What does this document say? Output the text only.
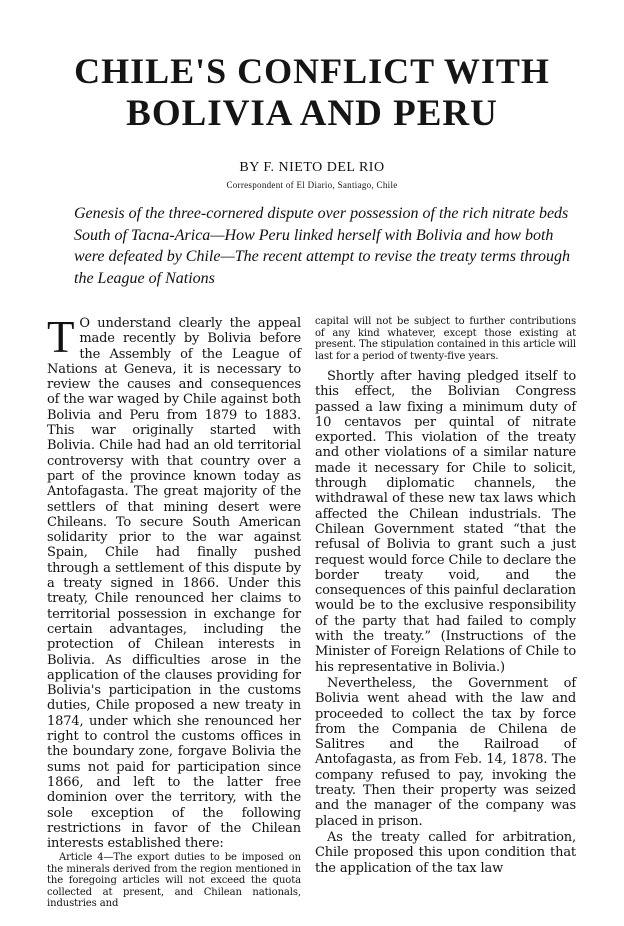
CHILE'S CONFLICT WITH
BOLIVIA AND PERU
BY F. NIETO DEL RIO
Correspondent of El Diario, Santiago, Chile
Genesis of the three-cornered dispute over possession of the rich nitrate beds South of Tacna-Arica—How Peru linked herself with Bolivia and how both were defeated by Chile—The recent attempt to revise the treaty terms through the League of Nations

T O understand clearly the appeal made recently by Bolivia before the Assembly of the League of Nations at Geneva, it is necessary to review the causes and consequences of the war waged by Chile against both Bolivia and Peru from 1879 to 1883. This war originally started with Bolivia. Chile had had an old territorial controversy with that country over a part of the province known today as Antofagasta. The great majority of the settlers of that mining desert were Chileans. To secure South American solidarity prior to the war against Spain, Chile had finally pushed through a settlement of this dispute by a treaty signed in 1866. Under this treaty, Chile renounced her claims to territorial possession in exchange for certain advantages, including the protection of Chilean interests in Bolivia. As difficulties arose in the application of the clauses providing for Bolivia's participation in the customs duties, Chile proposed a new treaty in 1874, under which she renounced her right to control the customs offices in the boundary zone, forgave Bolivia the sums not paid for participation since 1866, and left to the latter free dominion over the territory, with the sole exception of the following restrictions in favor of the Chilean interests established there:

Article 4—The export duties to be imposed on the minerals derived from the region mentioned in the foregoing articles will not exceed the quota collected at present, and Chilean nationals, industries and

capital will not be subject to further contributions of any kind whatever, except those existing at present. The stipulation contained in this article will last for a period of twenty-five years.

Shortly after having pledged itself to this effect, the Bolivian Congress passed a law fixing a minimum duty of 10 centavos per quintal of nitrate exported. This violation of the treaty and other violations of a similar nature made it necessary for Chile to solicit, through diplomatic channels, the withdrawal of these new tax laws which affected the Chilean industrials. The Chilean Government stated “that the refusal of Bolivia to grant such a just request would force Chile to declare the border treaty void, and the consequences of this painful declaration would be to the exclusive responsibility of the party that had failed to comply with the treaty.” (Instructions of the Minister of Foreign Relations of Chile to his representative in Bolivia.)

Nevertheless, the Government of Bolivia went ahead with the law and proceeded to collect the tax by force from the Compania de Chilena de Salitres and the Railroad of Antofagasta, as from Feb. 14, 1878. The company refused to pay, invoking the treaty. Then their property was seized and the manager of the company was placed in prison.

As the treaty called for arbitration, Chile proposed this upon condition that the application of the tax law
